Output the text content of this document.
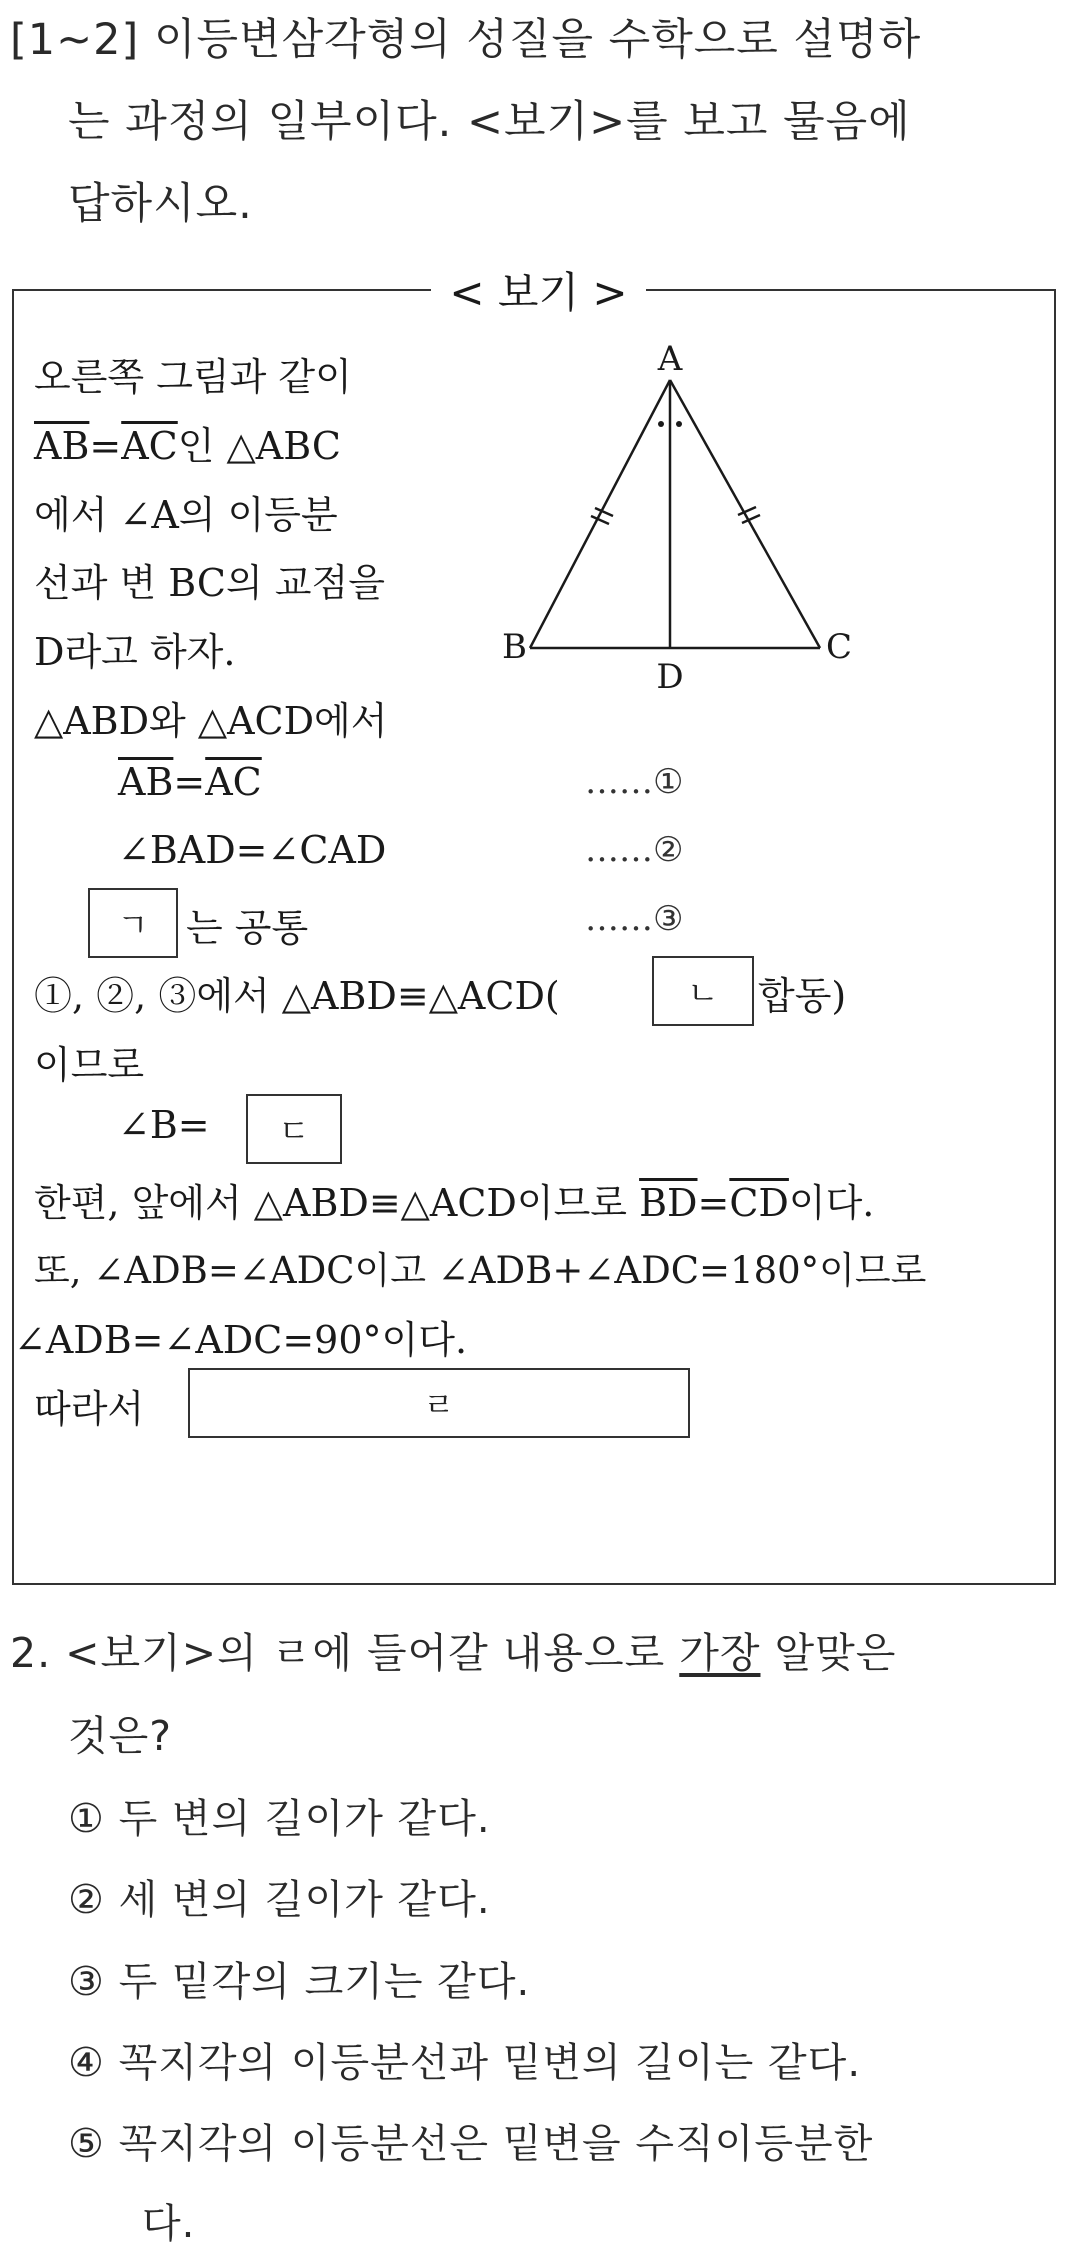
[1~2] 이등변삼각형의 성질을 수학으로 설명하
는 과정의 일부이다. <보기>를 보고 물음에
답하시오.
< 보기 >
오른쪽 그림과 같이
$\overline{AB}=\overline{AC}$인 △ABC
에서 ∠A의 이등분
선과 변 BC의 교점을
D라고 하자.
△ABD와 △ACD에서
$\overline{AB}=\overline{AC}$	……①
∠BAD=∠CAD	……②
ㄱ 는 공통	……③
①, ②, ③에서 △ABD≡△ACD(	ㄴ	합동)
이므로
∠B=	ㄷ
한편, 앞에서 △ABD≡△ACD이므로 $\overline{BD}=\overline{CD}$이다.
또, ∠ADB=∠ADC이고 ∠ADB+∠ADC=180°이므로
∠ADB=∠ADC=90°이다.
따라서	ㄹ
A
B	C
D
2. <보기>의 ㄹ에 들어갈 내용으로 가장 알맞은
것은?
① 두 변의 길이가 같다.
② 세 변의 길이가 같다.
③ 두 밑각의 크기는 같다.
④ 꼭지각의 이등분선과 밑변의 길이는 같다.
⑤ 꼭지각의 이등분선은 밑변을 수직이등분한
다.
